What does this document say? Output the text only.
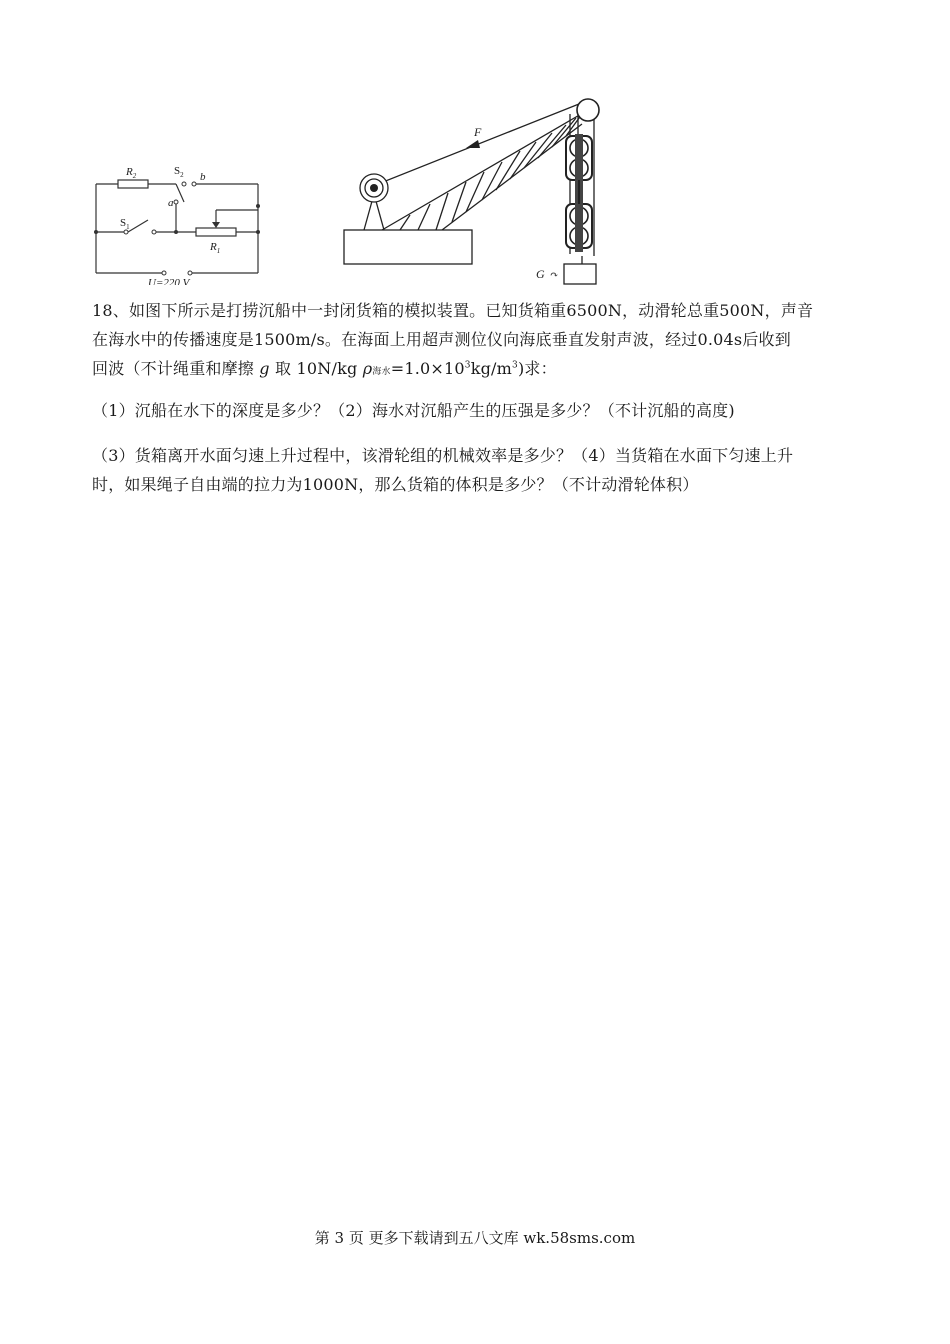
$R_2$	$S_2$ b
a
$S_1$
$R_1$
U=220 V
F
G ↷
18、如图下所示是打捞沉船中一封闭货箱的模拟装置。已知货箱重6500N，动滑轮总重500N，声音
在海水中的传播速度是1500m/s。在海面上用超声测位仪向海底垂直发射声波，经过0.04s后收到
回波（不计绳重和摩擦 g 取 10N/kg ρ海水$=1.0\times 10^3kg/m^3$)求：
（1）沉船在水下的深度是多少？（2）海水对沉船产生的压强是多少？（不计沉船的高度)
（3）货箱离开水面匀速上升过程中，该滑轮组的机械效率是多少？（4）当货箱在水面下匀速上升
时，如果绳子自由端的拉力为1000N，那么货箱的体积是多少？（不计动滑轮体积）
第 3 页 更多下载请到五八文库 wk.58sms.com
